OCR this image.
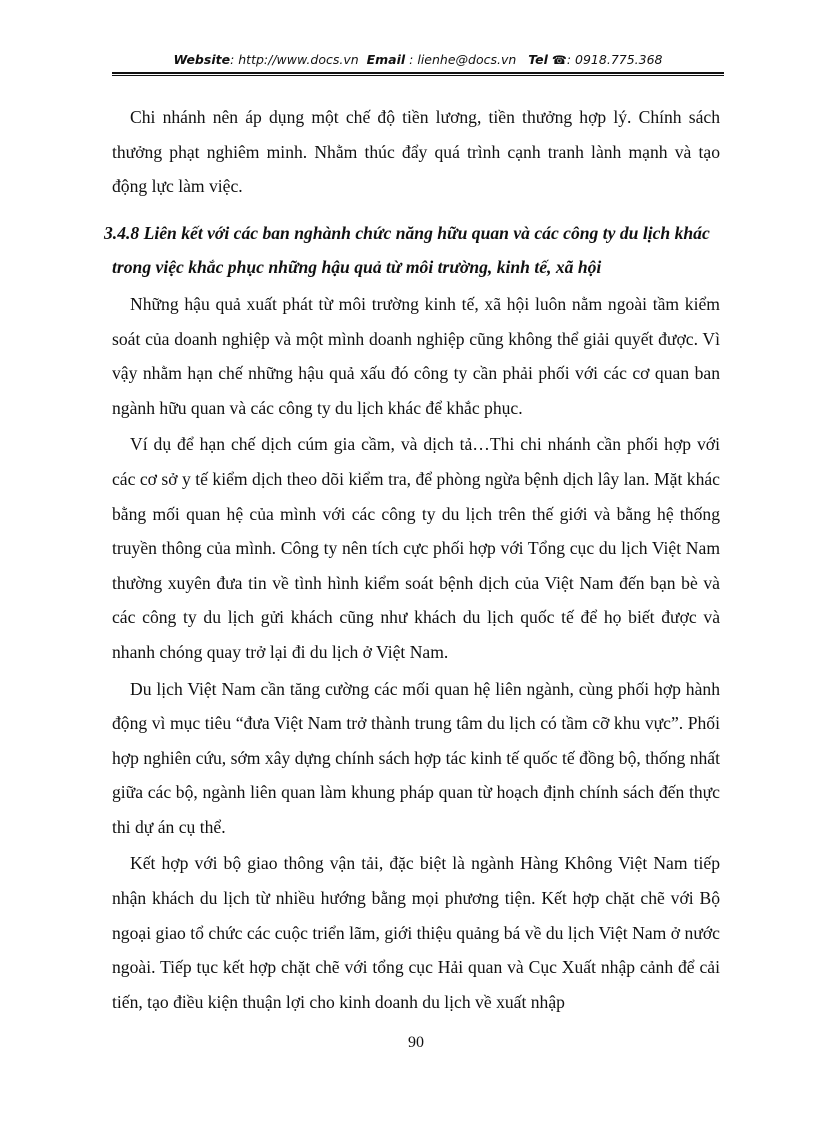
Website: http://www.docs.vn Email : lienhe@docs.vn Tel ☎: 0918.775.368

Chi nhánh nên áp dụng một chế độ tiền lương, tiền thưởng hợp lý. Chính sách thưởng phạt nghiêm minh. Nhằm thúc đẩy quá trình cạnh tranh lành mạnh và tạo động lực làm việc.

3.4.8 Liên kết với các ban nghành chức năng hữu quan và các công ty du lịch khác trong việc khắc phục những hậu quả từ môi trường, kinh tế, xã hội

Những hậu quả xuất phát từ môi trường kinh tế, xã hội luôn nằm ngoài tầm kiểm soát của doanh nghiệp và một mình doanh nghiệp cũng không thể giải quyết được. Vì vậy nhằm hạn chế những hậu quả xấu đó công ty cần phải phối với các cơ quan ban ngành hữu quan và các công ty du lịch khác để khắc phục.

Ví dụ để hạn chế dịch cúm gia cầm, và dịch tả…Thi chi nhánh cần phối hợp với các cơ sở y tế kiểm dịch theo dõi kiểm tra, để phòng ngừa bệnh dịch lây lan. Mặt khác bằng mối quan hệ của mình với các công ty du lịch trên thế giới và bằng hệ thống truyền thông của mình. Công ty nên tích cực phối hợp với Tổng cục du lịch Việt Nam thường xuyên đưa tin về tình hình kiểm soát bệnh dịch của Việt Nam đến bạn bè và các công ty du lịch gửi khách cũng như khách du lịch quốc tế để họ biết được và nhanh chóng quay trở lại đi du lịch ở Việt Nam.

Du lịch Việt Nam cần tăng cường các mối quan hệ liên ngành, cùng phối hợp hành động vì mục tiêu “đưa Việt Nam trở thành trung tâm du lịch có tầm cỡ khu vực”. Phối hợp nghiên cứu, sớm xây dựng chính sách hợp tác kinh tế quốc tế đồng bộ, thống nhất giữa các bộ, ngành liên quan làm khung pháp quan từ hoạch định chính sách đến thực thi dự án cụ thể.

Kết hợp với bộ giao thông vận tải, đặc biệt là ngành Hàng Không Việt Nam tiếp nhận khách du lịch từ nhiều hướng bằng mọi phương tiện. Kết hợp chặt chẽ với Bộ ngoại giao tổ chức các cuộc triển lãm, giới thiệu quảng bá về du lịch Việt Nam ở nước ngoài. Tiếp tục kết hợp chặt chẽ với tổng cục Hải quan và Cục Xuất nhập cảnh để cải tiến, tạo điều kiện thuận lợi cho kinh doanh du lịch về xuất nhập

90
